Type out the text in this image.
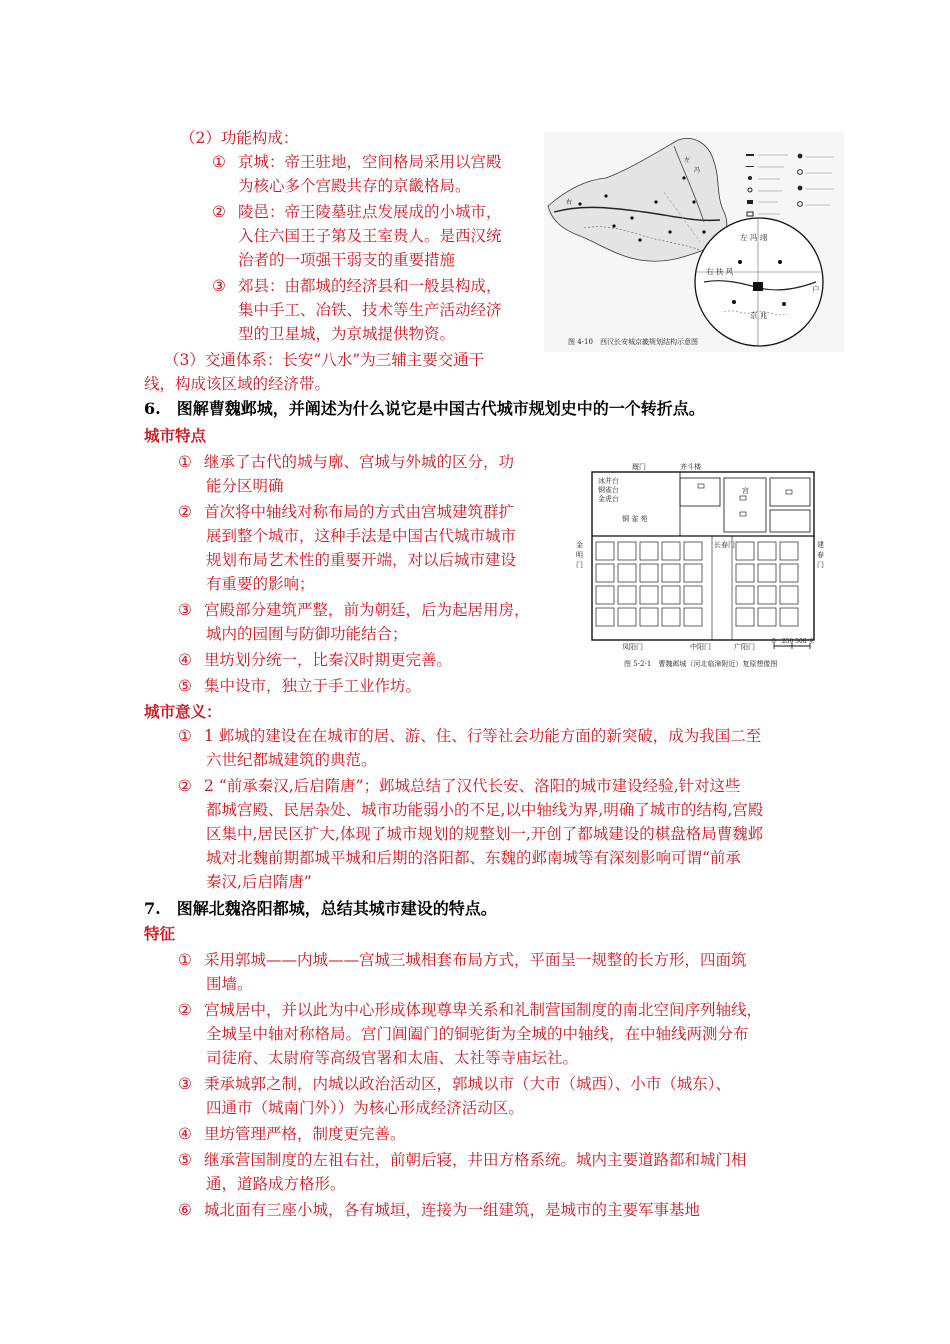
（2）功能构成：
① 京城：帝王驻地，空间格局采用以宫殿
为核心多个宫殿共存的京畿格局。
② 陵邑：帝王陵墓驻点发展成的小城市，
入住六国王子第及王室贵人。是西汉统
治者的一项强干弱支的重要措施
③ 郊县：由都城的经济县和一般县构成，
集中手工、冶铁、技术等生产活动经济
型的卫星城，为京城提供物资。
（3）交通体系：长安“八水”为三辅主要交通干
线，构成该区域的经济带。
右
左
冯
图 4-10　西汉长安城京畿规划结构示意图
左 冯 翊
右 扶 风
京 兆
户
6.　图解曹魏邺城，并阐述为什么说它是中国古代城市规划史中的一个转折点。
城市特点
① 继承了古代的城与廓、宫城与外城的区分，功
能分区明确
② 首次将中轴线对称布局的方式由宫城建筑群扩
展到整个城市，这种手法是中国古代城市城市
规划布局艺术性的重要开端，对以后城市建设
有重要的影响；
③ 宫殿部分建筑严整，前为朝廷，后为起居用房，
城内的园囿与防御功能结合；
④ 里坊划分统一，比秦汉时期更完善。
⑤ 集中设市，独立于手工业作坊。
厩门	齐斗楼
冰井台
铜雀台
金虎台
铜 雀 苑
金明门
建春门
凤阳门	中阳门	广阳门
长春门
宫
0　250 500 米
图 5-2-1　曹魏邺城（河北临漳附近）复原想像图
城市意义：
① 1 邺城的建设在在城市的居、游、住、行等社会功能方面的新突破，成为我国二至
六世纪都城建筑的典范。
② 2 “前承秦汉,后启隋唐”；邺城总结了汉代长安、洛阳的城市建设经验,针对这些
都城宫殿、民居杂处、城市功能弱小的不足,以中轴线为界,明确了城市的结构,宫殿
区集中,居民区扩大,体现了城市规划的规整划一,开创了都城建设的棋盘格局曹魏邺
城对北魏前期都城平城和后期的洛阳都、东魏的邺南城等有深刻影响可谓“前承
秦汉,后启隋唐”
7.　图解北魏洛阳都城，总结其城市建设的特点。
特征
① 采用郭城——内城——宫城三城相套布局方式，平面呈一规整的长方形，四面筑
围墙。
② 宫城居中，并以此为中心形成体现尊卑关系和礼制营国制度的南北空间序列轴线，
全城呈中轴对称格局。宫门阊阖门的铜驼街为全城的中轴线，在中轴线两测分布
司徒府、太尉府等高级官署和太庙、太社等寺庙坛社。
③ 秉承城郭之制，内城以政治活动区，郭城以市（大市（城西）、小市（城东）、
四通市（城南门外））为核心形成经济活动区。
④ 里坊管理严格，制度更完善。
⑤ 继承营国制度的左祖右社，前朝后寝，井田方格系统。城内主要道路都和城门相
通，道路成方格形。
⑥ 城北面有三座小城，各有城垣，连接为一组建筑，是城市的主要军事基地
